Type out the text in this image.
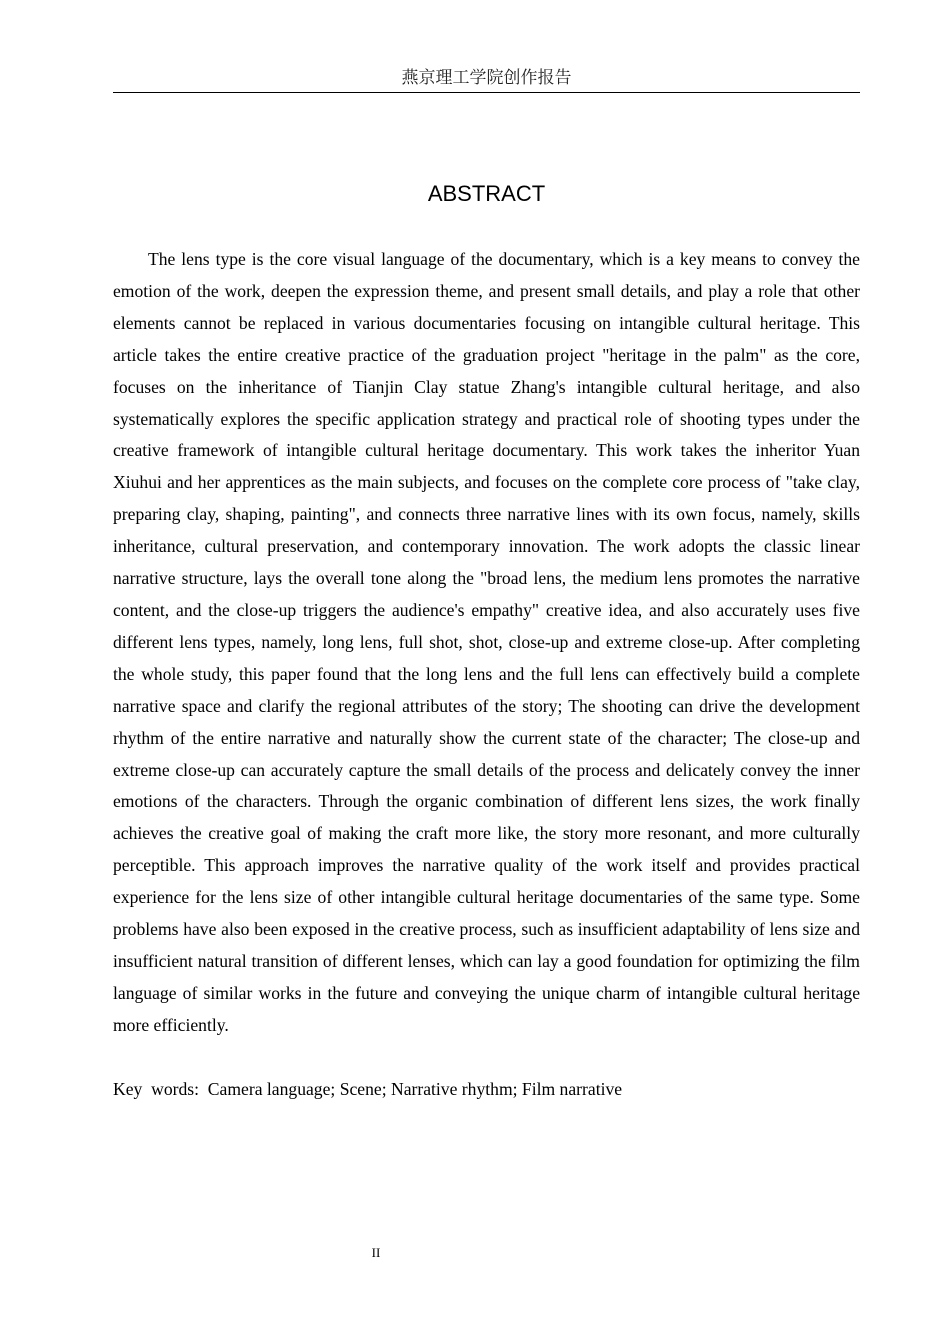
燕京理工学院创作报告
ABSTRACT

The lens type is the core visual language of the documentary, which is a key means to convey the emotion of the work, deepen the expression theme, and present small details, and play a role that other elements cannot be replaced in various documentaries focusing on intangible cultural heritage. This article takes the entire creative practice of the graduation project "heritage in the palm" as the core, focuses on the inheritance of Tianjin Clay statue Zhang's intangible cultural heritage, and also systematically explores the specific application strategy and practical role of shooting types under the creative framework of intangible cultural heritage documentary. This work takes the inheritor Yuan Xiuhui and her apprentices as the main subjects, and focuses on the complete core process of "take clay, preparing clay, shaping, painting", and connects three narrative lines with its own focus, namely, skills inheritance, cultural preservation, and contemporary innovation. The work adopts the classic linear narrative structure, lays the overall tone along the "broad lens, the medium lens promotes the narrative content, and the close-up triggers the audience's empathy" creative idea, and also accurately uses five different lens types, namely, long lens, full shot, shot, close-up and extreme close-up. After completing the whole study, this paper found that the long lens and the full lens can effectively build a complete narrative space and clarify the regional attributes of the story; The shooting can drive the development rhythm of the entire narrative and naturally show the current state of the character; The close-up and extreme close-up can accurately capture the small details of the process and delicately convey the inner emotions of the characters. Through the organic combination of different lens sizes, the work finally achieves the creative goal of making the craft more like, the story more resonant, and more culturally perceptible. This approach improves the narrative quality of the work itself and provides practical experience for the lens size of other intangible cultural heritage documentaries of the same type. Some problems have also been exposed in the creative process, such as insufficient adaptability of lens size and insufficient natural transition of different lenses, which can lay a good foundation for optimizing the film language of similar works in the future and conveying the unique charm of intangible cultural heritage more efficiently.

Key  words:  Camera language; Scene; Narrative rhythm; Film narrative

II
